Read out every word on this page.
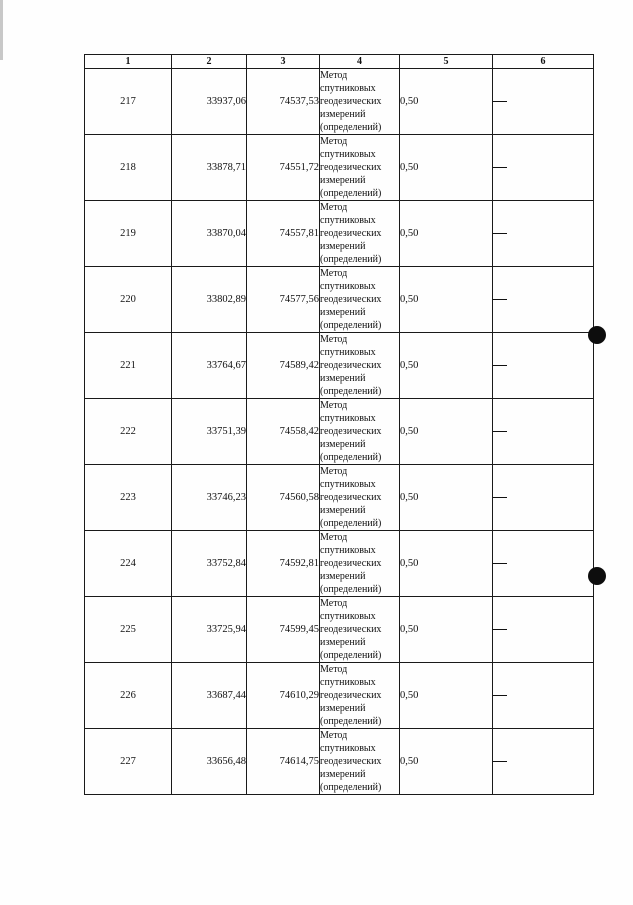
1	2	3	4	5	6
217	33937,06	74537,53	Метод
спутниковых
геодезических
измерений
(определений)	0,50	
218	33878,71	74551,72	Метод
спутниковых
геодезических
измерений
(определений)	0,50	
219	33870,04	74557,81	Метод
спутниковых
геодезических
измерений
(определений)	0,50	
220	33802,89	74577,56	Метод
спутниковых
геодезических
измерений
(определений)	0,50	
221	33764,67	74589,42	Метод
спутниковых
геодезических
измерений
(определений)	0,50	
222	33751,39	74558,42	Метод
спутниковых
геодезических
измерений
(определений)	0,50	
223	33746,23	74560,58	Метод
спутниковых
геодезических
измерений
(определений)	0,50	
224	33752,84	74592,81	Метод
спутниковых
геодезических
измерений
(определений)	0,50	
225	33725,94	74599,45	Метод
спутниковых
геодезических
измерений
(определений)	0,50	
226	33687,44	74610,29	Метод
спутниковых
геодезических
измерений
(определений)	0,50	
227	33656,48	74614,75	Метод
спутниковых
геодезических
измерений
(определений)	0,50	
